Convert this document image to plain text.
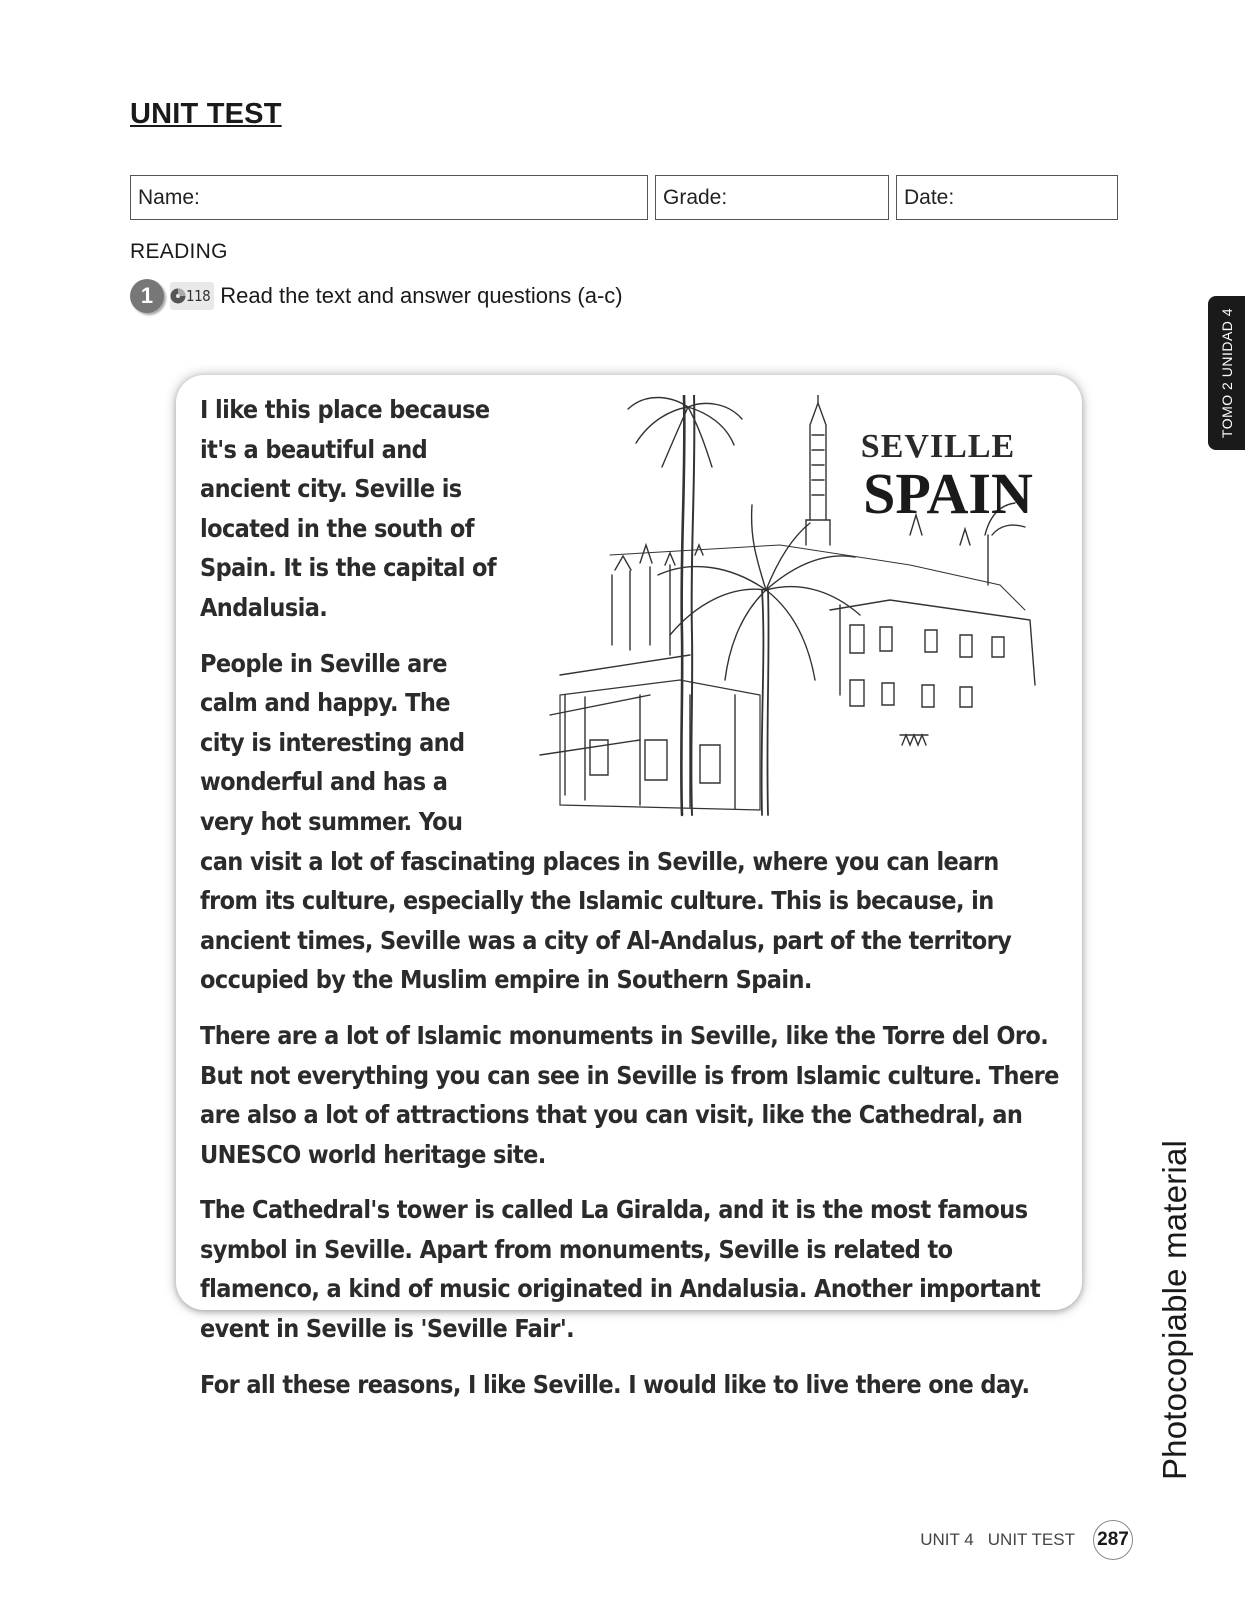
UNIT TEST
Name:	Grade:	Date:
READING
1	118 Read the text and answer questions (a-c)
TOMO 2 UNIDAD 4

I like this place because it's a beautiful and ancient city. Seville is located in the south of Spain. It is the capital of Andalusia.

People in Seville are calm and happy. The city is interesting and wonderful and has a very hot summer. You can visit a lot of fascinating places in Seville, where you can learn from its culture, especially the Islamic culture. This is because, in ancient times, Seville was a city of Al-Andalus, part of the territory occupied by the Muslim empire in Southern Spain.

There are a lot of Islamic monuments in Seville, like the Torre del Oro. But not everything you can see in Seville is from Islamic culture. There are also a lot of attractions that you can visit, like the Cathedral, an UNESCO world heritage site.

The Cathedral's tower is called La Giralda, and it is the most famous symbol in Seville. Apart from monuments, Seville is related to flamenco, a kind of music originated in Andalusia. Another important event in Seville is 'Seville Fair'.

For all these reasons, I like Seville. I would like to live there one day.

SEVILLE
SPAIN
Photocopiable material
UNIT 4 UNIT TEST 287
